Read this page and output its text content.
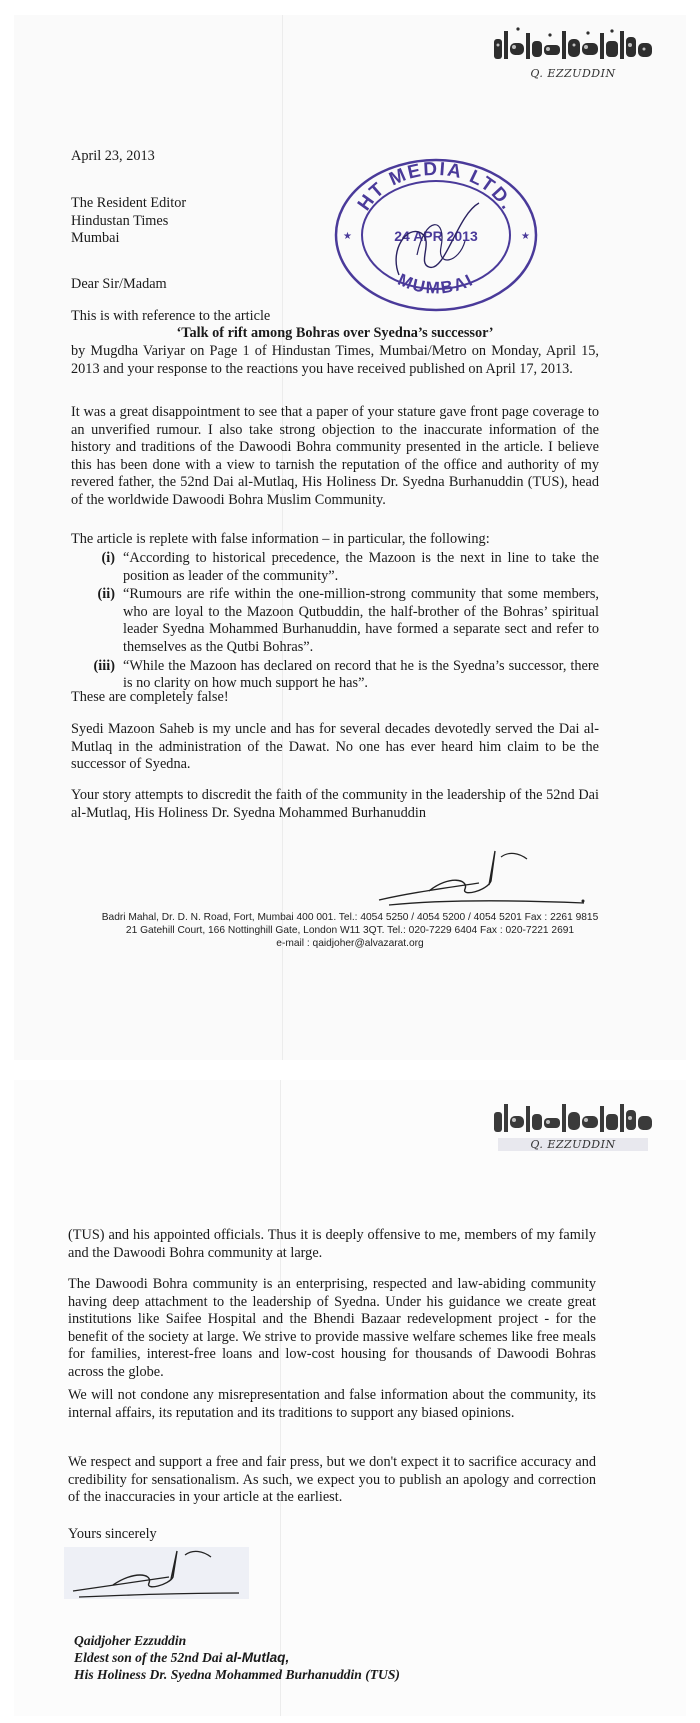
Q. EZZUDDIN
HT MEDIA LTD.
MUMBAI
24 APR 2013
★	★

April 23, 2013

The Resident Editor
Hindustan Times
Mumbai

Dear Sir/Madam

This is with reference to the article

‘Talk of rift among Bohras over Syedna’s successor’

by Mugdha Variyar on Page 1 of Hindustan Times, Mumbai/Metro on Monday, April 15, 2013 and your response to the reactions you have received published on April 17, 2013.

It was a great disappointment to see that a paper of your stature gave front page coverage to an unverified rumour. I also take strong objection to the inaccurate information of the history and traditions of the Dawoodi Bohra community presented in the article. I believe this has been done with a view to tarnish the reputation of the office and authority of my revered father, the 52nd Dai al-Mutlaq, His Holiness Dr. Syedna Burhanuddin (TUS), head of the worldwide Dawoodi Bohra Muslim Community.

The article is replete with false information – in particular, the following:

(i) “According to historical precedence, the Mazoon is the next in line to take the position as leader of the community”.
(ii) “Rumours are rife within the one-million-strong community that some members, who are loyal to the Mazoon Qutbuddin, the half-brother of the Bohras’ spiritual leader Syedna Mohammed Burhanuddin, have formed a separate sect and refer to themselves as the Qutbi Bohras”.
(iii) “While the Mazoon has declared on record that he is the Syedna’s successor, there is no clarity on how much support he has”.

These are completely false!

Syedi Mazoon Saheb is my uncle and has for several decades devotedly served the Dai al-Mutlaq in the administration of the Dawat. No one has ever heard him claim to be the successor of Syedna.

Your story attempts to discredit the faith of the community in the leadership of the 52nd Dai al-Mutlaq, His Holiness Dr. Syedna Mohammed Burhanuddin

Badri Mahal, Dr. D. N. Road, Fort, Mumbai 400 001. Tel.: 4054 5250 / 4054 5200 / 4054 5201 Fax : 2261 9815
21 Gatehill Court, 166 Nottinghill Gate, London W11 3QT. Tel.: 020-7229 6404 Fax : 020-7221 2691
e-mail : qaidjoher@alvazarat.org
Q. EZZUDDIN

(TUS) and his appointed officials. Thus it is deeply offensive to me, members of my family and the Dawoodi Bohra community at large.

The Dawoodi Bohra community is an enterprising, respected and law-abiding community having deep attachment to the leadership of Syedna. Under his guidance we create great institutions like Saifee Hospital and the Bhendi Bazaar redevelopment project - for the benefit of the society at large. We strive to provide massive welfare schemes like free meals for families, interest-free loans and low-cost housing for thousands of Dawoodi Bohras across the globe.

We will not condone any misrepresentation and false information about the community, its internal affairs, its reputation and its traditions to support any biased opinions.

We respect and support a free and fair press, but we don't expect it to sacrifice accuracy and credibility for sensationalism. As such, we expect you to publish an apology and correction of the inaccuracies in your article at the earliest.

Yours sincerely

Qaidjoher Ezzuddin
Eldest son of the 52nd Dai al-Mutlaq,
His Holiness Dr. Syedna Mohammed Burhanuddin (TUS)
